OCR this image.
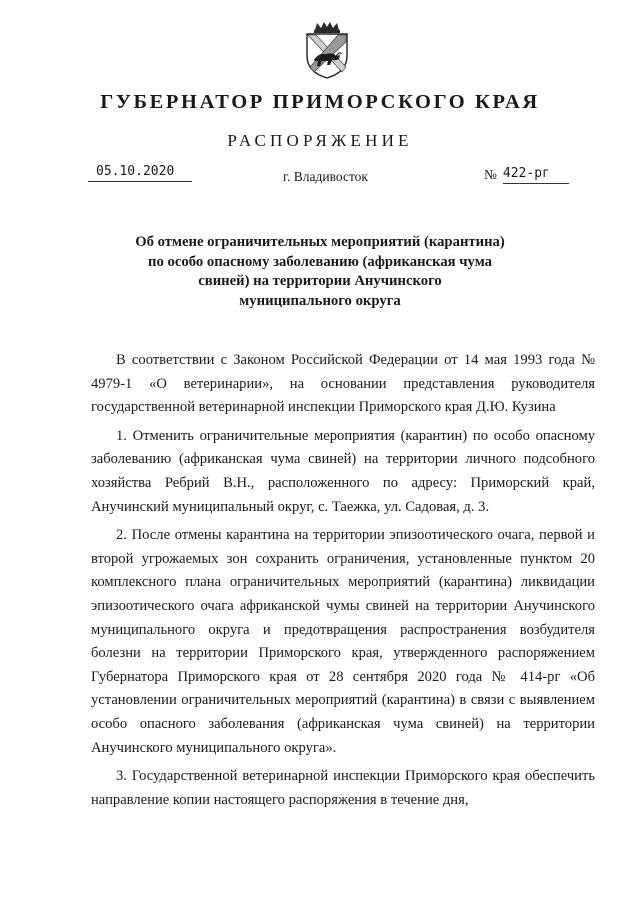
ГУБЕРНАТОР ПРИМОРСКОГО КРАЯ
РАСПОРЯЖЕНИЕ
05.10.2020	г. Владивосток	№ 422-рг
Об отмене ограничительных мероприятий (карантина)
по особо опасному заболеванию (африканская чума
свиней) на территории Анучинского
муниципального округа

В соответствии с Законом Российской Федерации от 14 мая 1993 года № 4979-1 «О ветеринарии», на основании представления руководителя государственной ветеринарной инспекции Приморского края Д.Ю. Кузина

1. Отменить ограничительные мероприятия (карантин) по особо опасному заболеванию (африканская чума свиней) на территории личного подсобного хозяйства Ребрий В.Н., расположенного по адресу: Приморский край, Анучинский муниципальный округ, с. Таежка, ул. Садовая, д. 3.

2. После отмены карантина на территории эпизоотического очага, первой и второй угрожаемых зон сохранить ограничения, установленные пунктом 20 комплексного плана ограничительных мероприятий (карантина) ликвидации эпизоотического очага африканской чумы свиней на территории Анучинского муниципального округа и предотвращения распространения возбудителя болезни на территории Приморского края, утвержденного распоряжением Губернатора Приморского края от 28 сентября 2020 года № 414-рг «Об установлении ограничительных мероприятий (карантина) в связи с выявлением особо опасного заболевания (африканская чума свиней) на территории Анучинского муниципального округа».

3. Государственной ветеринарной инспекции Приморского края обеспечить направление копии настоящего распоряжения в течение дня,
